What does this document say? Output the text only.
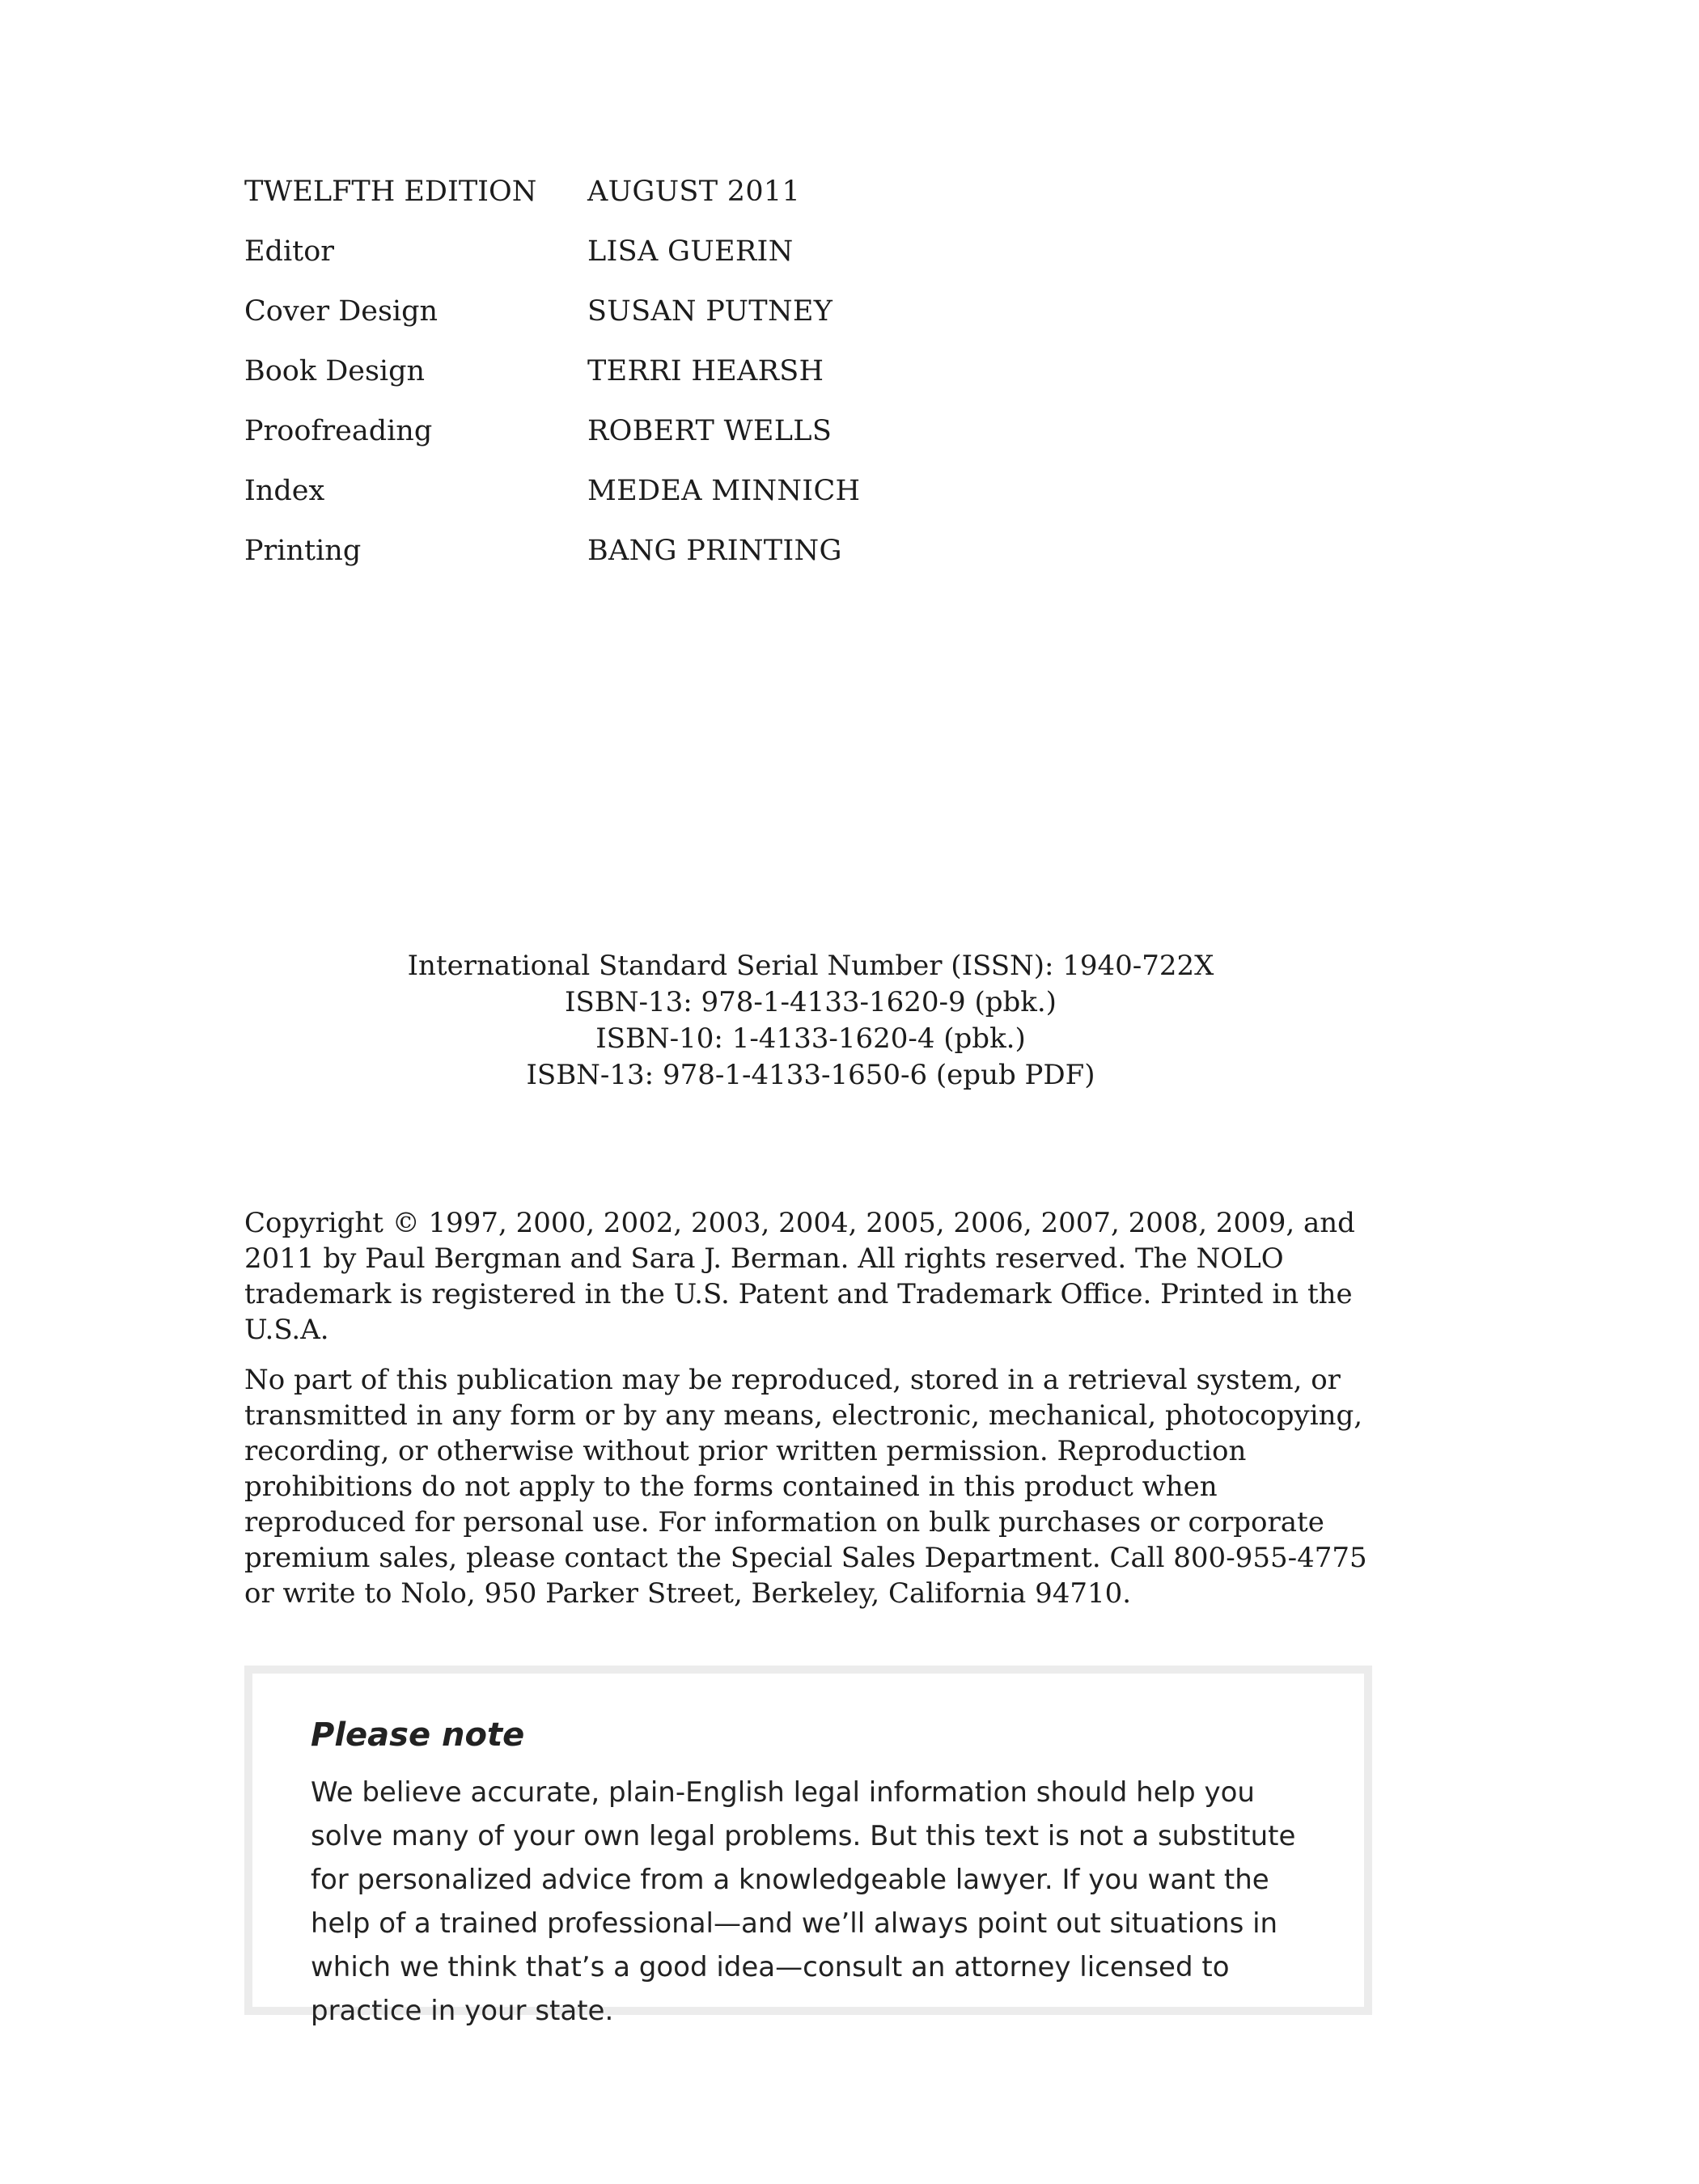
TWELFTH EDITION	AUGUST 2011
Editor	LISA GUERIN
Cover Design	SUSAN PUTNEY
Book Design	TERRI HEARSH
Proofreading	ROBERT WELLS
Index	MEDEA MINNICH
Printing	BANG PRINTING
International Standard Serial Number (ISSN): 1940-722X
ISBN-13: 978-1-4133-1620-9 (pbk.)
ISBN-10: 1-4133-1620-4 (pbk.)
ISBN-13: 978-1-4133-1650-6 (epub PDF)

Copyright © 1997, 2000, 2002, 2003, 2004, 2005, 2006, 2007, 2008, 2009, and 2011 by Paul Bergman and Sara J. Berman. All rights reserved. The NOLO trademark is registered in the U.S. Patent and Trademark Office. Printed in the U.S.A.

No part of this publication may be reproduced, stored in a retrieval system, or transmitted in any form or by any means, electronic, mechanical, photocopying, recording, or otherwise without prior written permission. Reproduction prohibitions do not apply to the forms contained in this product when reproduced for personal use. For information on bulk purchases or corporate premium sales, please contact the Special Sales Department. Call 800-955-4775 or write to Nolo, 950 Parker Street, Berkeley, California 94710.

Please note
We believe accurate, plain-English legal information should help you solve many of your own legal problems. But this text is not a substitute for personalized advice from a knowledgeable lawyer. If you want the help of a trained professional—and we’ll always point out situations in which we think that’s a good idea—consult an attorney licensed to practice in your state.
